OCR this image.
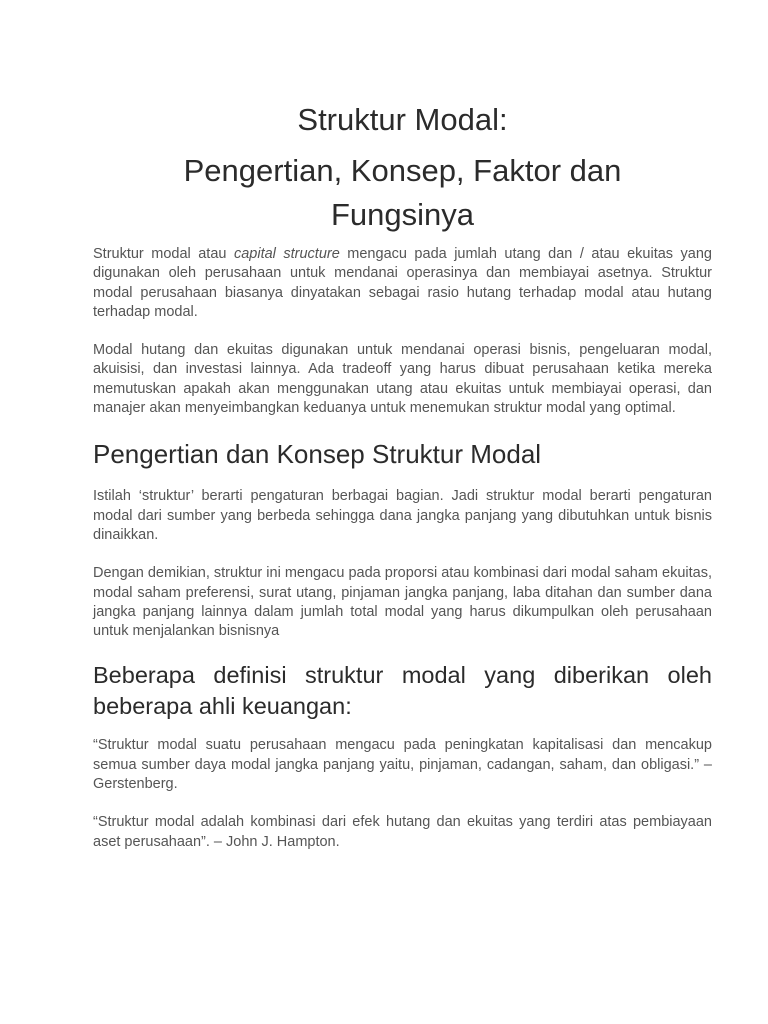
Struktur Modal:
Pengertian, Konsep, Faktor dan Fungsinya

Struktur modal atau capital structure mengacu pada jumlah utang dan / atau ekuitas yang digunakan oleh perusahaan untuk mendanai operasinya dan membiayai asetnya. Struktur modal perusahaan biasanya dinyatakan sebagai rasio hutang terhadap modal atau hutang terhadap modal.

Modal hutang dan ekuitas digunakan untuk mendanai operasi bisnis, pengeluaran modal, akuisisi, dan investasi lainnya. Ada tradeoff yang harus dibuat perusahaan ketika mereka memutuskan apakah akan menggunakan utang atau ekuitas untuk membiayai operasi, dan manajer akan menyeimbangkan keduanya untuk menemukan struktur modal yang optimal.

Pengertian dan Konsep Struktur Modal

Istilah ‘struktur’ berarti pengaturan berbagai bagian. Jadi struktur modal berarti pengaturan modal dari sumber yang berbeda sehingga dana jangka panjang yang dibutuhkan untuk bisnis dinaikkan.

Dengan demikian, struktur ini mengacu pada proporsi atau kombinasi dari modal saham ekuitas, modal saham preferensi, surat utang, pinjaman jangka panjang, laba ditahan dan sumber dana jangka panjang lainnya dalam jumlah total modal yang harus dikumpulkan oleh perusahaan untuk menjalankan bisnisnya

Beberapa definisi struktur modal yang diberikan oleh beberapa ahli keuangan:

“Struktur modal suatu perusahaan mengacu pada peningkatan kapitalisasi dan mencakup semua sumber daya modal jangka panjang yaitu, pinjaman, cadangan, saham, dan obligasi.” – Gerstenberg.

“Struktur modal adalah kombinasi dari efek hutang dan ekuitas yang terdiri atas pembiayaan aset perusahaan”. – John J. Hampton.
